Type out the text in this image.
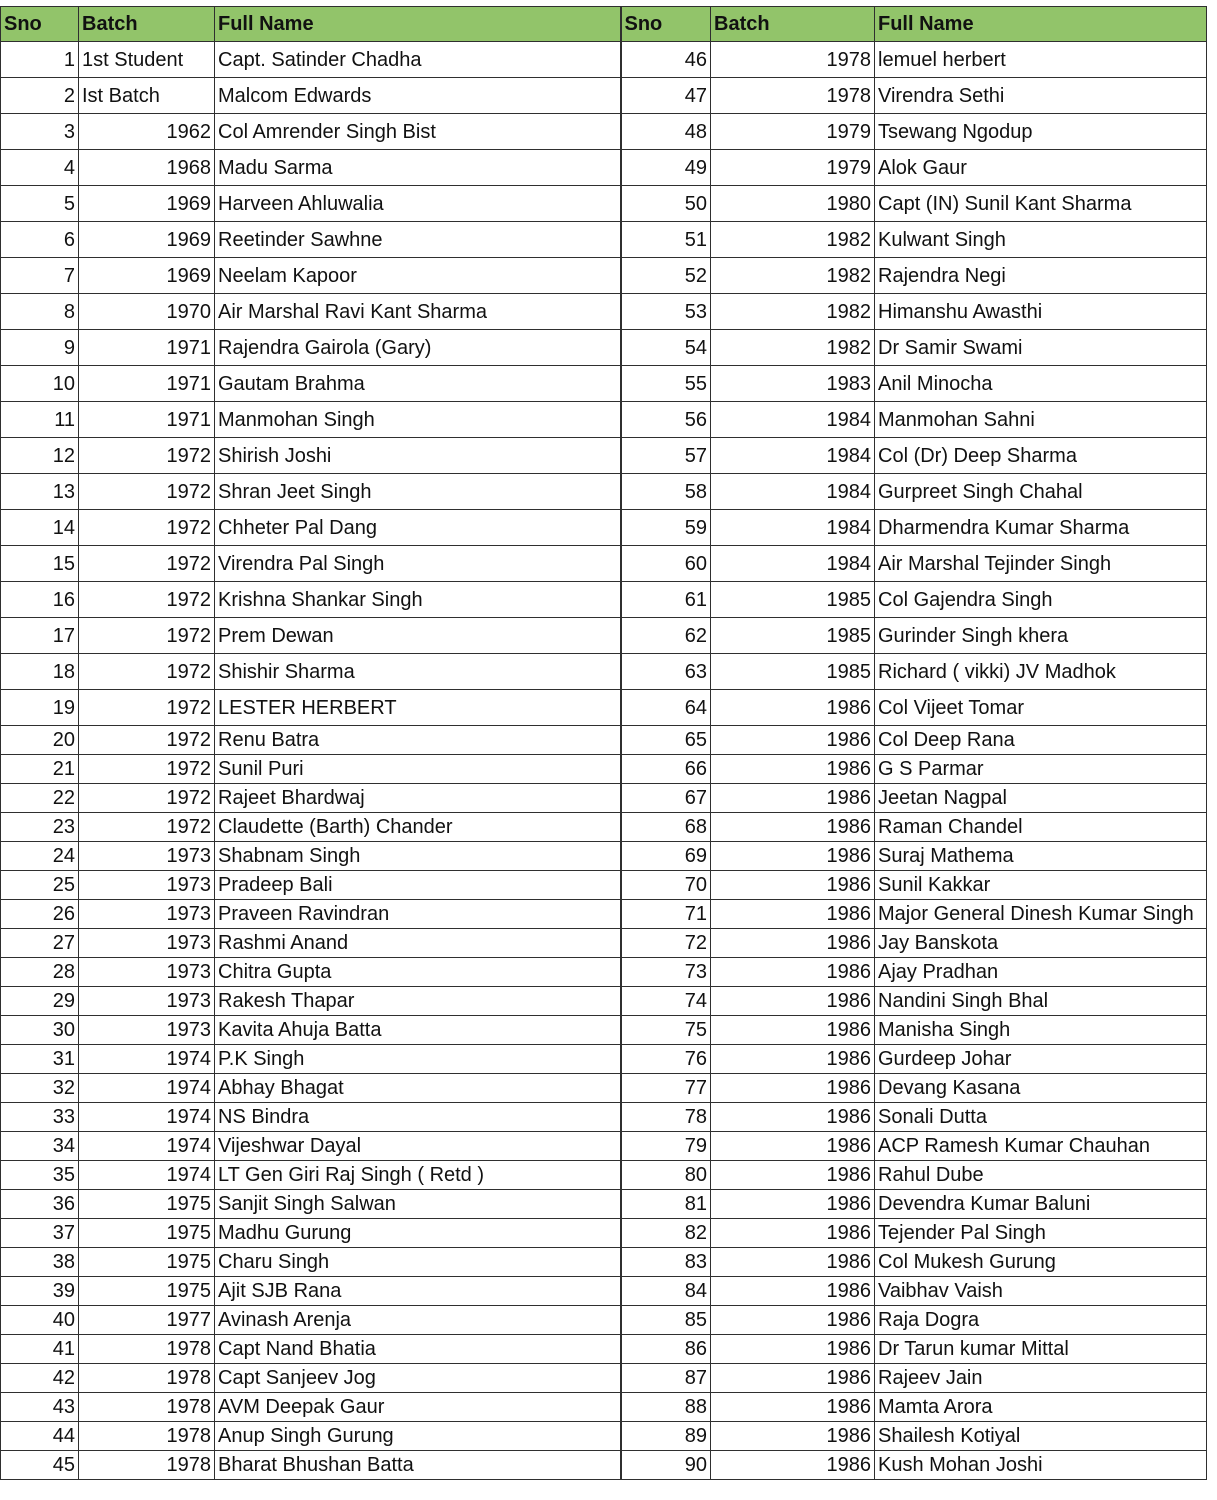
Sno	Batch	Full Name	Sno	Batch	Full Name
1	1st Student	Capt. Satinder Chadha	46	1978	lemuel herbert
2	Ist Batch	Malcom Edwards	47	1978	Virendra Sethi
3	1962	Col Amrender Singh Bist	48	1979	Tsewang Ngodup
4	1968	Madu Sarma	49	1979	Alok Gaur
5	1969	Harveen Ahluwalia	50	1980	Capt (IN) Sunil Kant Sharma
6	1969	Reetinder Sawhne	51	1982	Kulwant Singh
7	1969	Neelam Kapoor	52	1982	Rajendra Negi
8	1970	Air Marshal Ravi Kant Sharma	53	1982	Himanshu Awasthi
9	1971	Rajendra Gairola (Gary)	54	1982	Dr Samir Swami
10	1971	Gautam Brahma	55	1983	Anil Minocha
11	1971	Manmohan Singh	56	1984	Manmohan Sahni
12	1972	Shirish Joshi	57	1984	Col (Dr) Deep Sharma
13	1972	Shran Jeet Singh	58	1984	Gurpreet Singh Chahal
14	1972	Chheter Pal Dang	59	1984	Dharmendra Kumar Sharma
15	1972	Virendra Pal Singh	60	1984	Air Marshal Tejinder Singh
16	1972	Krishna Shankar Singh	61	1985	Col Gajendra Singh
17	1972	Prem Dewan	62	1985	Gurinder Singh khera
18	1972	Shishir Sharma	63	1985	Richard ( vikki) JV Madhok
19	1972	LESTER HERBERT	64	1986	Col Vijeet Tomar
20	1972	Renu Batra	65	1986	Col Deep Rana
21	1972	Sunil Puri	66	1986	G S Parmar
22	1972	Rajeet Bhardwaj	67	1986	Jeetan Nagpal
23	1972	Claudette (Barth) Chander	68	1986	Raman Chandel
24	1973	Shabnam Singh	69	1986	Suraj Mathema
25	1973	Pradeep Bali	70	1986	Sunil Kakkar
26	1973	Praveen Ravindran	71	1986	Major General Dinesh Kumar Singh
27	1973	Rashmi Anand	72	1986	Jay Banskota
28	1973	Chitra Gupta	73	1986	Ajay Pradhan
29	1973	Rakesh Thapar	74	1986	Nandini Singh Bhal
30	1973	Kavita Ahuja Batta	75	1986	Manisha Singh
31	1974	P.K Singh	76	1986	Gurdeep Johar
32	1974	Abhay Bhagat	77	1986	Devang Kasana
33	1974	NS Bindra	78	1986	Sonali Dutta
34	1974	Vijeshwar Dayal	79	1986	ACP Ramesh Kumar Chauhan
35	1974	LT Gen Giri Raj Singh ( Retd )	80	1986	Rahul Dube
36	1975	Sanjit Singh Salwan	81	1986	Devendra Kumar Baluni
37	1975	Madhu Gurung	82	1986	Tejender Pal Singh
38	1975	Charu Singh	83	1986	Col Mukesh Gurung
39	1975	Ajit SJB Rana	84	1986	Vaibhav Vaish
40	1977	Avinash Arenja	85	1986	Raja Dogra
41	1978	Capt Nand Bhatia	86	1986	Dr Tarun kumar Mittal
42	1978	Capt Sanjeev Jog	87	1986	Rajeev Jain
43	1978	AVM Deepak Gaur	88	1986	Mamta Arora
44	1978	Anup Singh Gurung	89	1986	Shailesh Kotiyal
45	1978	Bharat Bhushan Batta	90	1986	Kush Mohan Joshi
